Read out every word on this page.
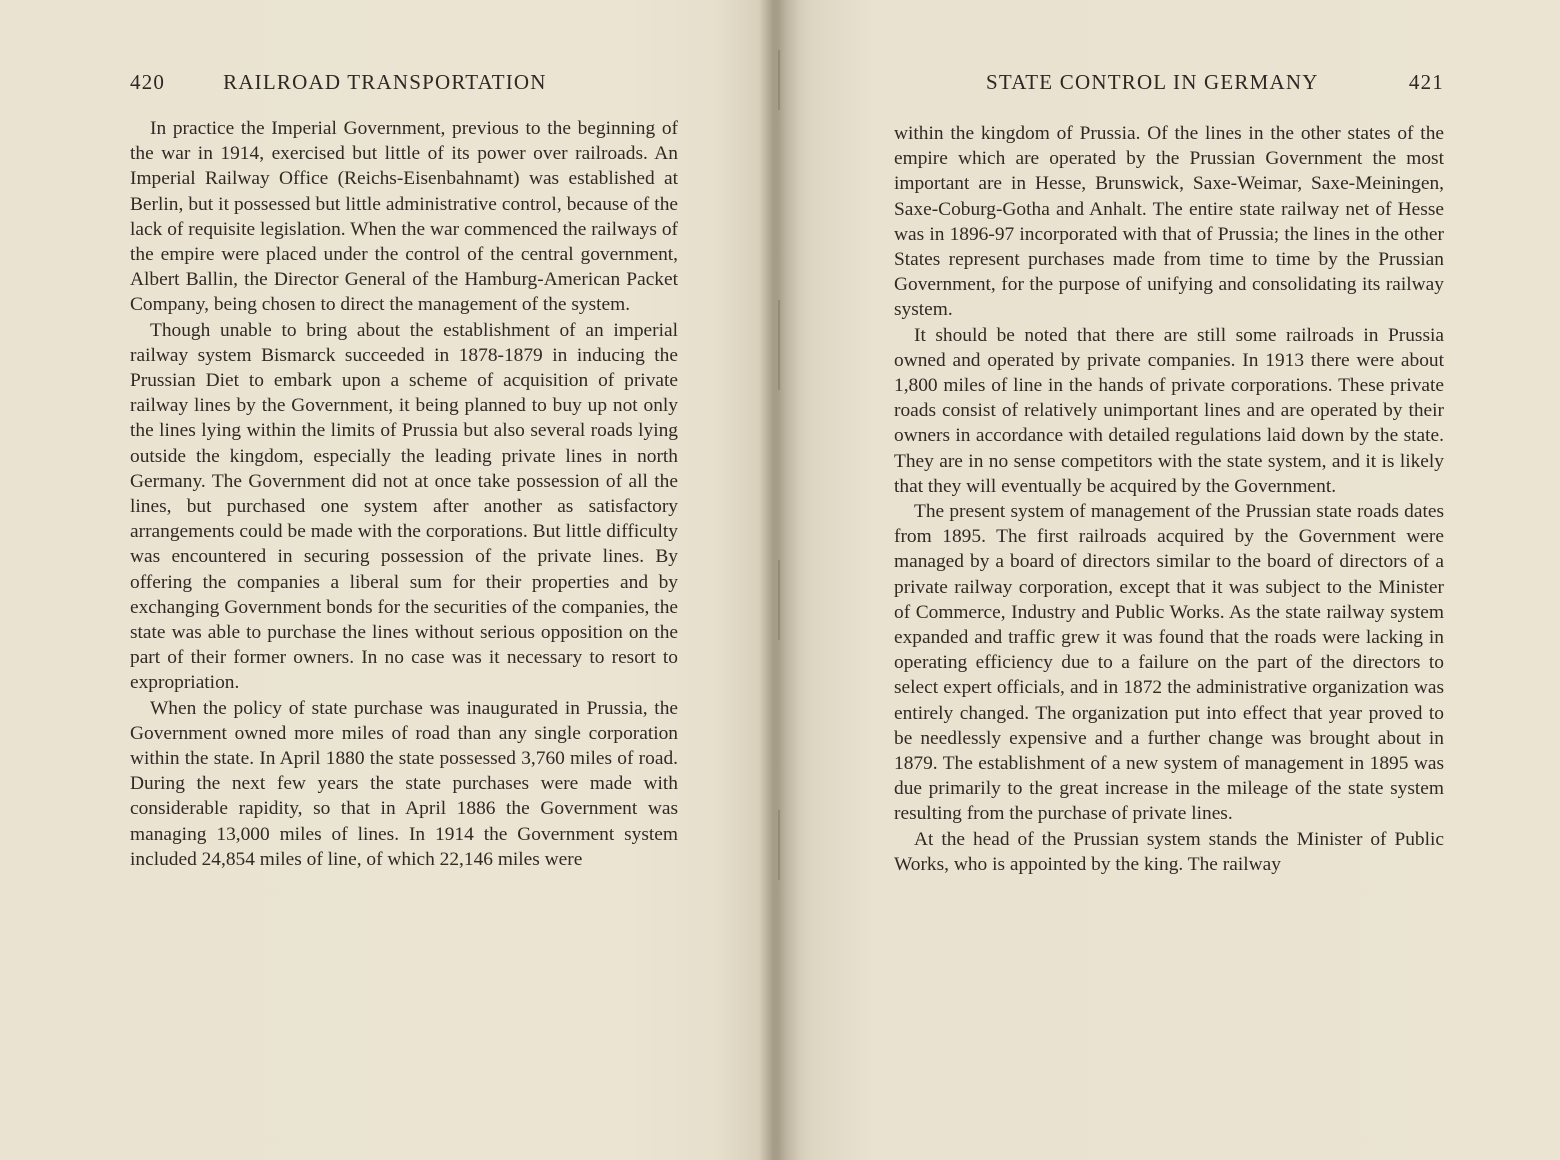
420	RAILROAD TRANSPORTATION

In practice the Imperial Government, previous to the beginning of the war in 1914, exercised but little of its power over railroads. An Imperial Railway Office (Reichs-Eisenbahnamt) was established at Berlin, but it possessed but little administrative control, because of the lack of requisite legislation. When the war commenced the railways of the empire were placed under the control of the central government, Albert Ballin, the Director General of the Hamburg-American Packet Company, being chosen to direct the management of the system.

Though unable to bring about the establishment of an imperial railway system Bismarck succeeded in 1878-1879 in inducing the Prussian Diet to embark upon a scheme of acquisition of private railway lines by the Government, it being planned to buy up not only the lines lying within the limits of Prussia but also several roads lying outside the kingdom, especially the leading private lines in north Germany. The Government did not at once take possession of all the lines, but purchased one system after another as satisfactory arrangements could be made with the corporations. But little difficulty was encountered in securing possession of the private lines. By offering the companies a liberal sum for their properties and by exchanging Government bonds for the securities of the companies, the state was able to purchase the lines without serious opposition on the part of their former owners. In no case was it necessary to resort to expropriation.

When the policy of state purchase was inaugurated in Prussia, the Government owned more miles of road than any single corporation within the state. In April 1880 the state possessed 3,760 miles of road. During the next few years the state purchases were made with considerable rapidity, so that in April 1886 the Government was managing 13,000 miles of lines. In 1914 the Government system included 24,854 miles of line, of which 22,146 miles were

STATE CONTROL IN GERMANY	421

within the kingdom of Prussia. Of the lines in the other states of the empire which are operated by the Prussian Government the most important are in Hesse, Brunswick, Saxe-Weimar, Saxe-Meiningen, Saxe-Coburg-Gotha and Anhalt. The entire state railway net of Hesse was in 1896-97 incorporated with that of Prussia; the lines in the other States represent purchases made from time to time by the Prussian Government, for the purpose of unifying and consolidating its railway system.

It should be noted that there are still some railroads in Prussia owned and operated by private companies. In 1913 there were about 1,800 miles of line in the hands of private corporations. These private roads consist of relatively unimportant lines and are operated by their owners in accordance with detailed regulations laid down by the state. They are in no sense competitors with the state system, and it is likely that they will eventually be acquired by the Government.

The present system of management of the Prussian state roads dates from 1895. The first railroads acquired by the Government were managed by a board of directors similar to the board of directors of a private railway corporation, except that it was subject to the Minister of Commerce, Industry and Public Works. As the state railway system expanded and traffic grew it was found that the roads were lacking in operating efficiency due to a failure on the part of the directors to select expert officials, and in 1872 the administrative organization was entirely changed. The organization put into effect that year proved to be needlessly expensive and a further change was brought about in 1879. The establishment of a new system of management in 1895 was due primarily to the great increase in the mileage of the state system resulting from the purchase of private lines.

At the head of the Prussian system stands the Minister of Public Works, who is appointed by the king. The railway
